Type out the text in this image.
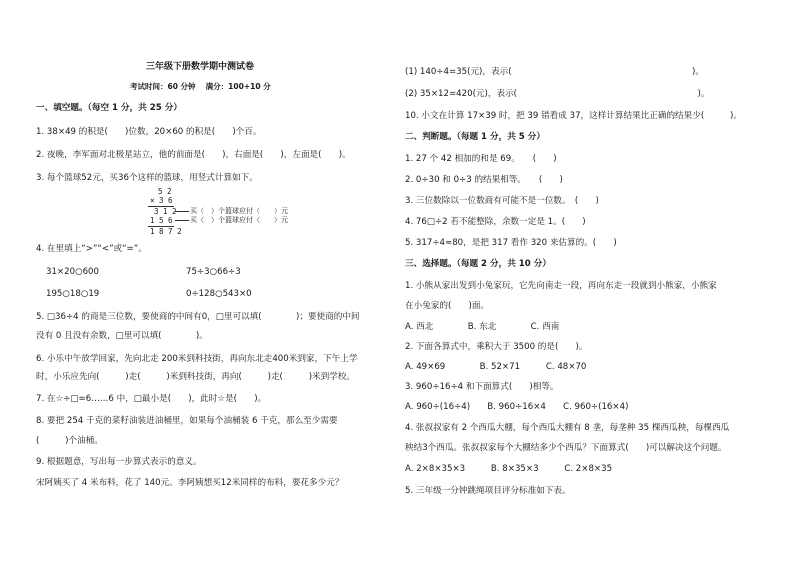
三年级下册数学期中测试卷
考试时间：60 分钟　 满分：100+10 分
一、填空题。（每空 1 分，共 25 分）
1. 38×49 的积是(　　)位数，20×60 的积是(　　)个百。
2. 夜晚，李军面对北极星站立，他的前面是(　　)，右面是(　　)，左面是(　　)。
3. 每个篮球52元，买36个这样的篮球，用竖式计算如下。
5 2
× 3 6
3 1 2
1 5 6
1 8 7 2
买（　）个篮球应付（　　）元
买（　）个篮球应付（　　）元
4. 在里填上“>”“<”或“=”。
31×20○600	75÷3○66÷3
195○18○19	0÷128○543×0
5. □36÷4 的商是三位数，要使商的中间有0，□里可以填(　　　　)；要使商的中间
没有 0 且没有余数，□里可以填(　　　　)。
6. 小乐中午放学回家，先向北走 200米到科技街，再向东北走400米到家，下午上学
时，小乐应先向(　　　)走(　　　)米到科技街，再向(　　　)走(　　　)米到学校。
7. 在☆÷□=6……6 中，□最小是(　　)，此时☆是(　　)。
8. 要把 254 千克的菜籽油装进油桶里，如果每个油桶装 6 千克，那么至少需要
(　　　)个油桶。
9. 根据题意，写出每一步算式表示的意义。
宋阿姨买了 4 米布料，花了 140元。李阿姨想买12米同样的布料，要花多少元？
(1) 140÷4=35(元)，表示(　　　　　　　　　　　　　　　　　　　　　)。
(2) 35×12=420(元)，表示(　　　　　　　　　　　　　　　　　　　　　)。
10. 小文在计算 17×39 时，把 39 错看成 37，这样计算结果比正确的结果少(　　　)。
二、判断题。（每题 1 分，共 5 分）
1. 27 个 42 相加的和是 69。　　(　　)
2. 0÷30 和 0÷3 的结果相等。　　(　　)
3. 三位数除以一位数商有可能不是一位数。　(　　)
4. 76□÷2 若不能整除，余数一定是 1。(　　)
5. 317÷4≈80，是把 317 看作 320 来估算的。(　　)
三、选择题。（每题 2 分，共 10 分）
1. 小熊从家出发到小兔家玩，它先向南走一段，再向东走一段就到小熊家，小熊家
在小兔家的(　　)面。
A. 西北　　　　B. 东北　　　　C. 西南
2. 下面各算式中，乘积大于 3500 的是(　　)。
A. 49×69　　　　B. 52×71　　　C. 48×70
3. 960÷16÷4 和下面算式(　　)相等。
A. 960÷(16÷4)　　B. 960÷16×4　　C. 960÷(16×4)
4. 张叔叔家有 2 个西瓜大棚，每个西瓜大棚有 8 垄，每垄种 35 棵西瓜秧，每棵西瓜
秧结3个西瓜。张叔叔家每个大棚结多少个西瓜？下面算式(　　)可以解决这个问题。
A. 2×8×35×3　　　B. 8×35×3　　　C. 2×8×35
5. 三年级一分钟跳绳项目评分标准如下表。
